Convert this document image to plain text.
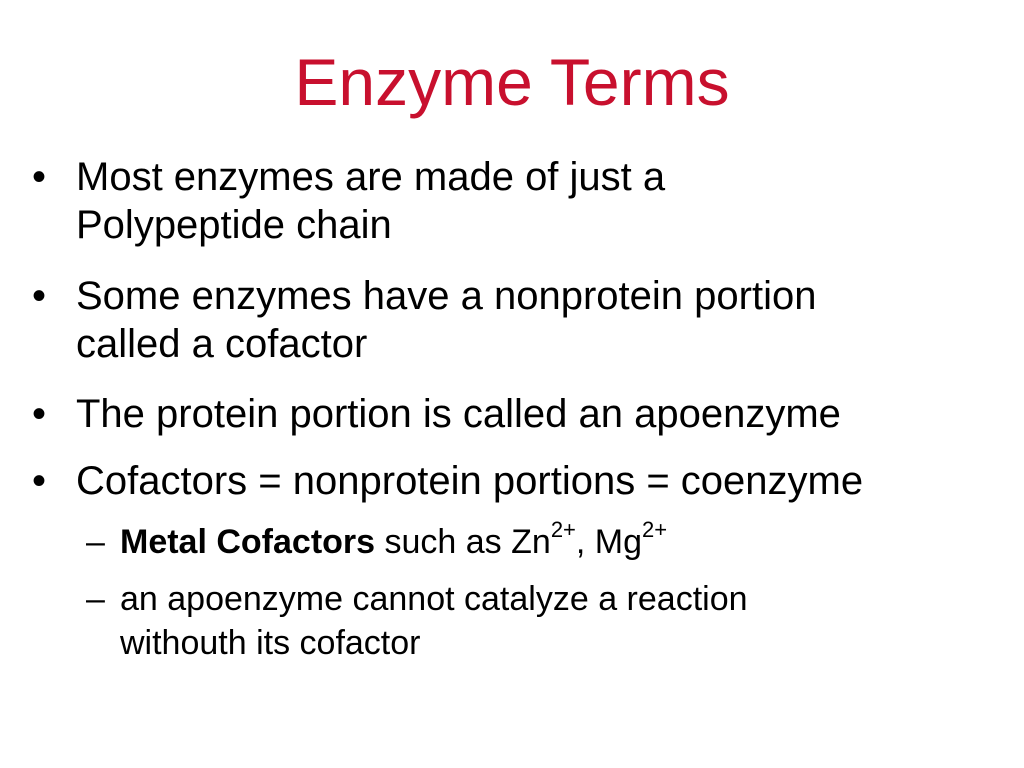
Enzyme Terms
• Most enzymes are made of just a
Polypeptide chain
• Some enzymes have a nonprotein portion
called a cofactor
• The protein portion is called an apoenzyme
• Cofactors = nonprotein portions = coenzyme
– Metal Cofactors such as $Zn^{2+}$, $Mg^{2+}$
– an apoenzyme cannot catalyze a reaction
withouth its cofactor
